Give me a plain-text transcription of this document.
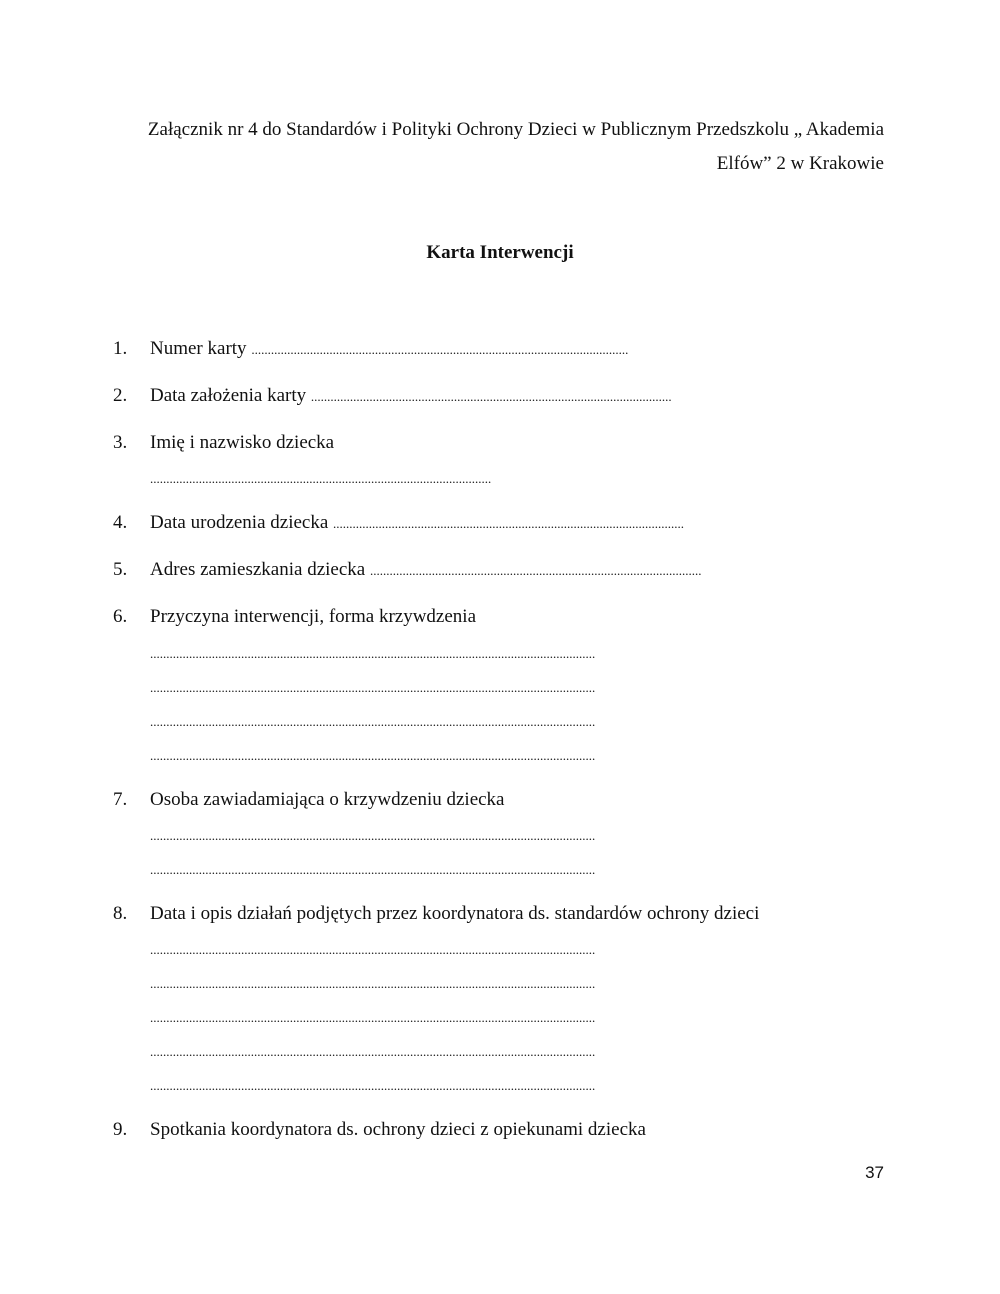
Załącznik nr 4 do Standardów i Polityki Ochrony Dzieci w Publicznym Przedszkolu „ Akademia
Elfów” 2 w Krakowie
Karta Interwencji
1. Numer karty ....................................................................................................................
2. Data założenia karty ...............................................................................................................
3. Imię i nazwisko dziecka
.........................................................................................................
4. Data urodzenia dziecka ............................................................................................................
5. Adres zamieszkania dziecka ......................................................................................................
6. Przyczyna interwencji, forma krzywdzenia
.........................................................................................................................................
.........................................................................................................................................
.........................................................................................................................................
.........................................................................................................................................
7. Osoba zawiadamiająca o krzywdzeniu dziecka
.........................................................................................................................................
.........................................................................................................................................
8. Data i opis działań podjętych przez koordynatora ds. standardów ochrony dzieci
.........................................................................................................................................
.........................................................................................................................................
.........................................................................................................................................
.........................................................................................................................................
.........................................................................................................................................
9. Spotkania koordynatora ds. ochrony dzieci z opiekunami dziecka
37
